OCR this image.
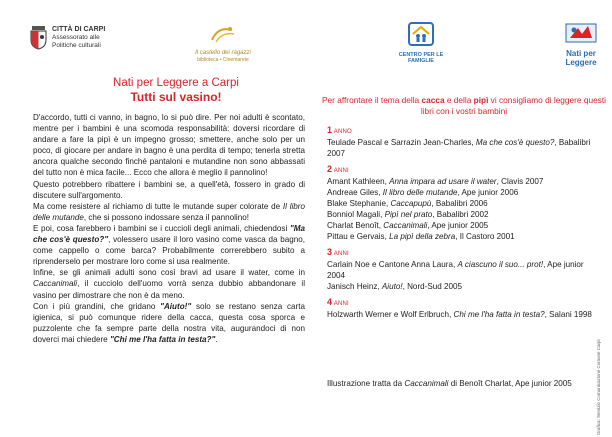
CITTÀ DI CARPI
Assessorato alle
Politiche culturali
Il castello dei ragazzi
biblioteca • Cinemarete
CENTRO PER LE FAMIGLIE
Nati per
Leggere
Nati per Leggere a Carpi
Tutti sul vasino!

D'accordo, tutti ci vanno, in bagno, lo si può dire. Per noi adulti è scontato, mentre per i bambini è una scomoda responsabilità: doversi ricordare di andare a fare la pipì è un impegno grosso; smettere, anche solo per un poco, di giocare per andare in bagno è una perdita di tempo; tenerla stretta ancora qualche secondo finché pantaloni e mutandine non sono abbassati del tutto non è mica facile... Ecco che allora è meglio il pannolino!

Questo potrebbero ribattere i bambini se, a quell'età, fossero in grado di discutere sull'argomento.

Ma come resistere al richiamo di tutte le mutande super colorate de Il libro delle mutande, che si possono indossare senza il pannolino!

E poi, cosa farebbero i bambini se i cuccioli degli animali, chiedendosi "Ma che cos'è questo?", volessero usare il loro vasino come vasca da bagno, come cappello o come barca? Probabilmente correrebbero subito a riprenderselo per mostrare loro come si usa realmente.

Infine, se gli animali adulti sono così bravi ad usare il water, come in Caccanimali, il cucciolo dell'uomo vorrà senza dubbio abbandonare il vasino per dimostrare che non è da meno.

Con i più grandini, che gridano "Aiuto!" solo se restano senza carta igienica, si può comunque ridere della cacca, questa cosa sporca e puzzolente che fa sempre parte della nostra vita, augurandoci di non doverci mai chiedere "Chi me l'ha fatta in testa?".

Per affrontare il tema della cacca e della pipì vi consigliamo di leggere questi libri con i vostri bambini
1 ANNO

Teulade Pascal e Sarrazin Jean-Charles, Ma che cos'è questo?, Babalibri 2007

2 ANNI

Amant Kathleen, Anna impara ad usare il water, Clavis 2007

Andreae Giles, Il libro delle mutande, Ape junior 2006

Blake Stephanie, Caccapupù, Babalibri 2006

Bonniol Magali, Pipì nel prato, Babalibri 2002

Charlat Benoît, Caccanimali, Ape junior 2005

Pittau e Gervais, La pipì della zebra, Il Castoro 2001

3 ANNI

Carlain Noe e Cantone Anna Laura, A ciascuno il suo... prot!, Ape junior 2004

Janisch Heinz, Aiuto!, Nord-Sud 2005

4 ANNI

Holzwarth Werner e Wolf Erlbruch, Chi me l'ha fatta in testa?, Salani 1998

Illustrazione tratta da Caccanimali di Benoît Charlat, Ape junior 2005	Grafica: Servizio Comunicazione Comune Carpi
